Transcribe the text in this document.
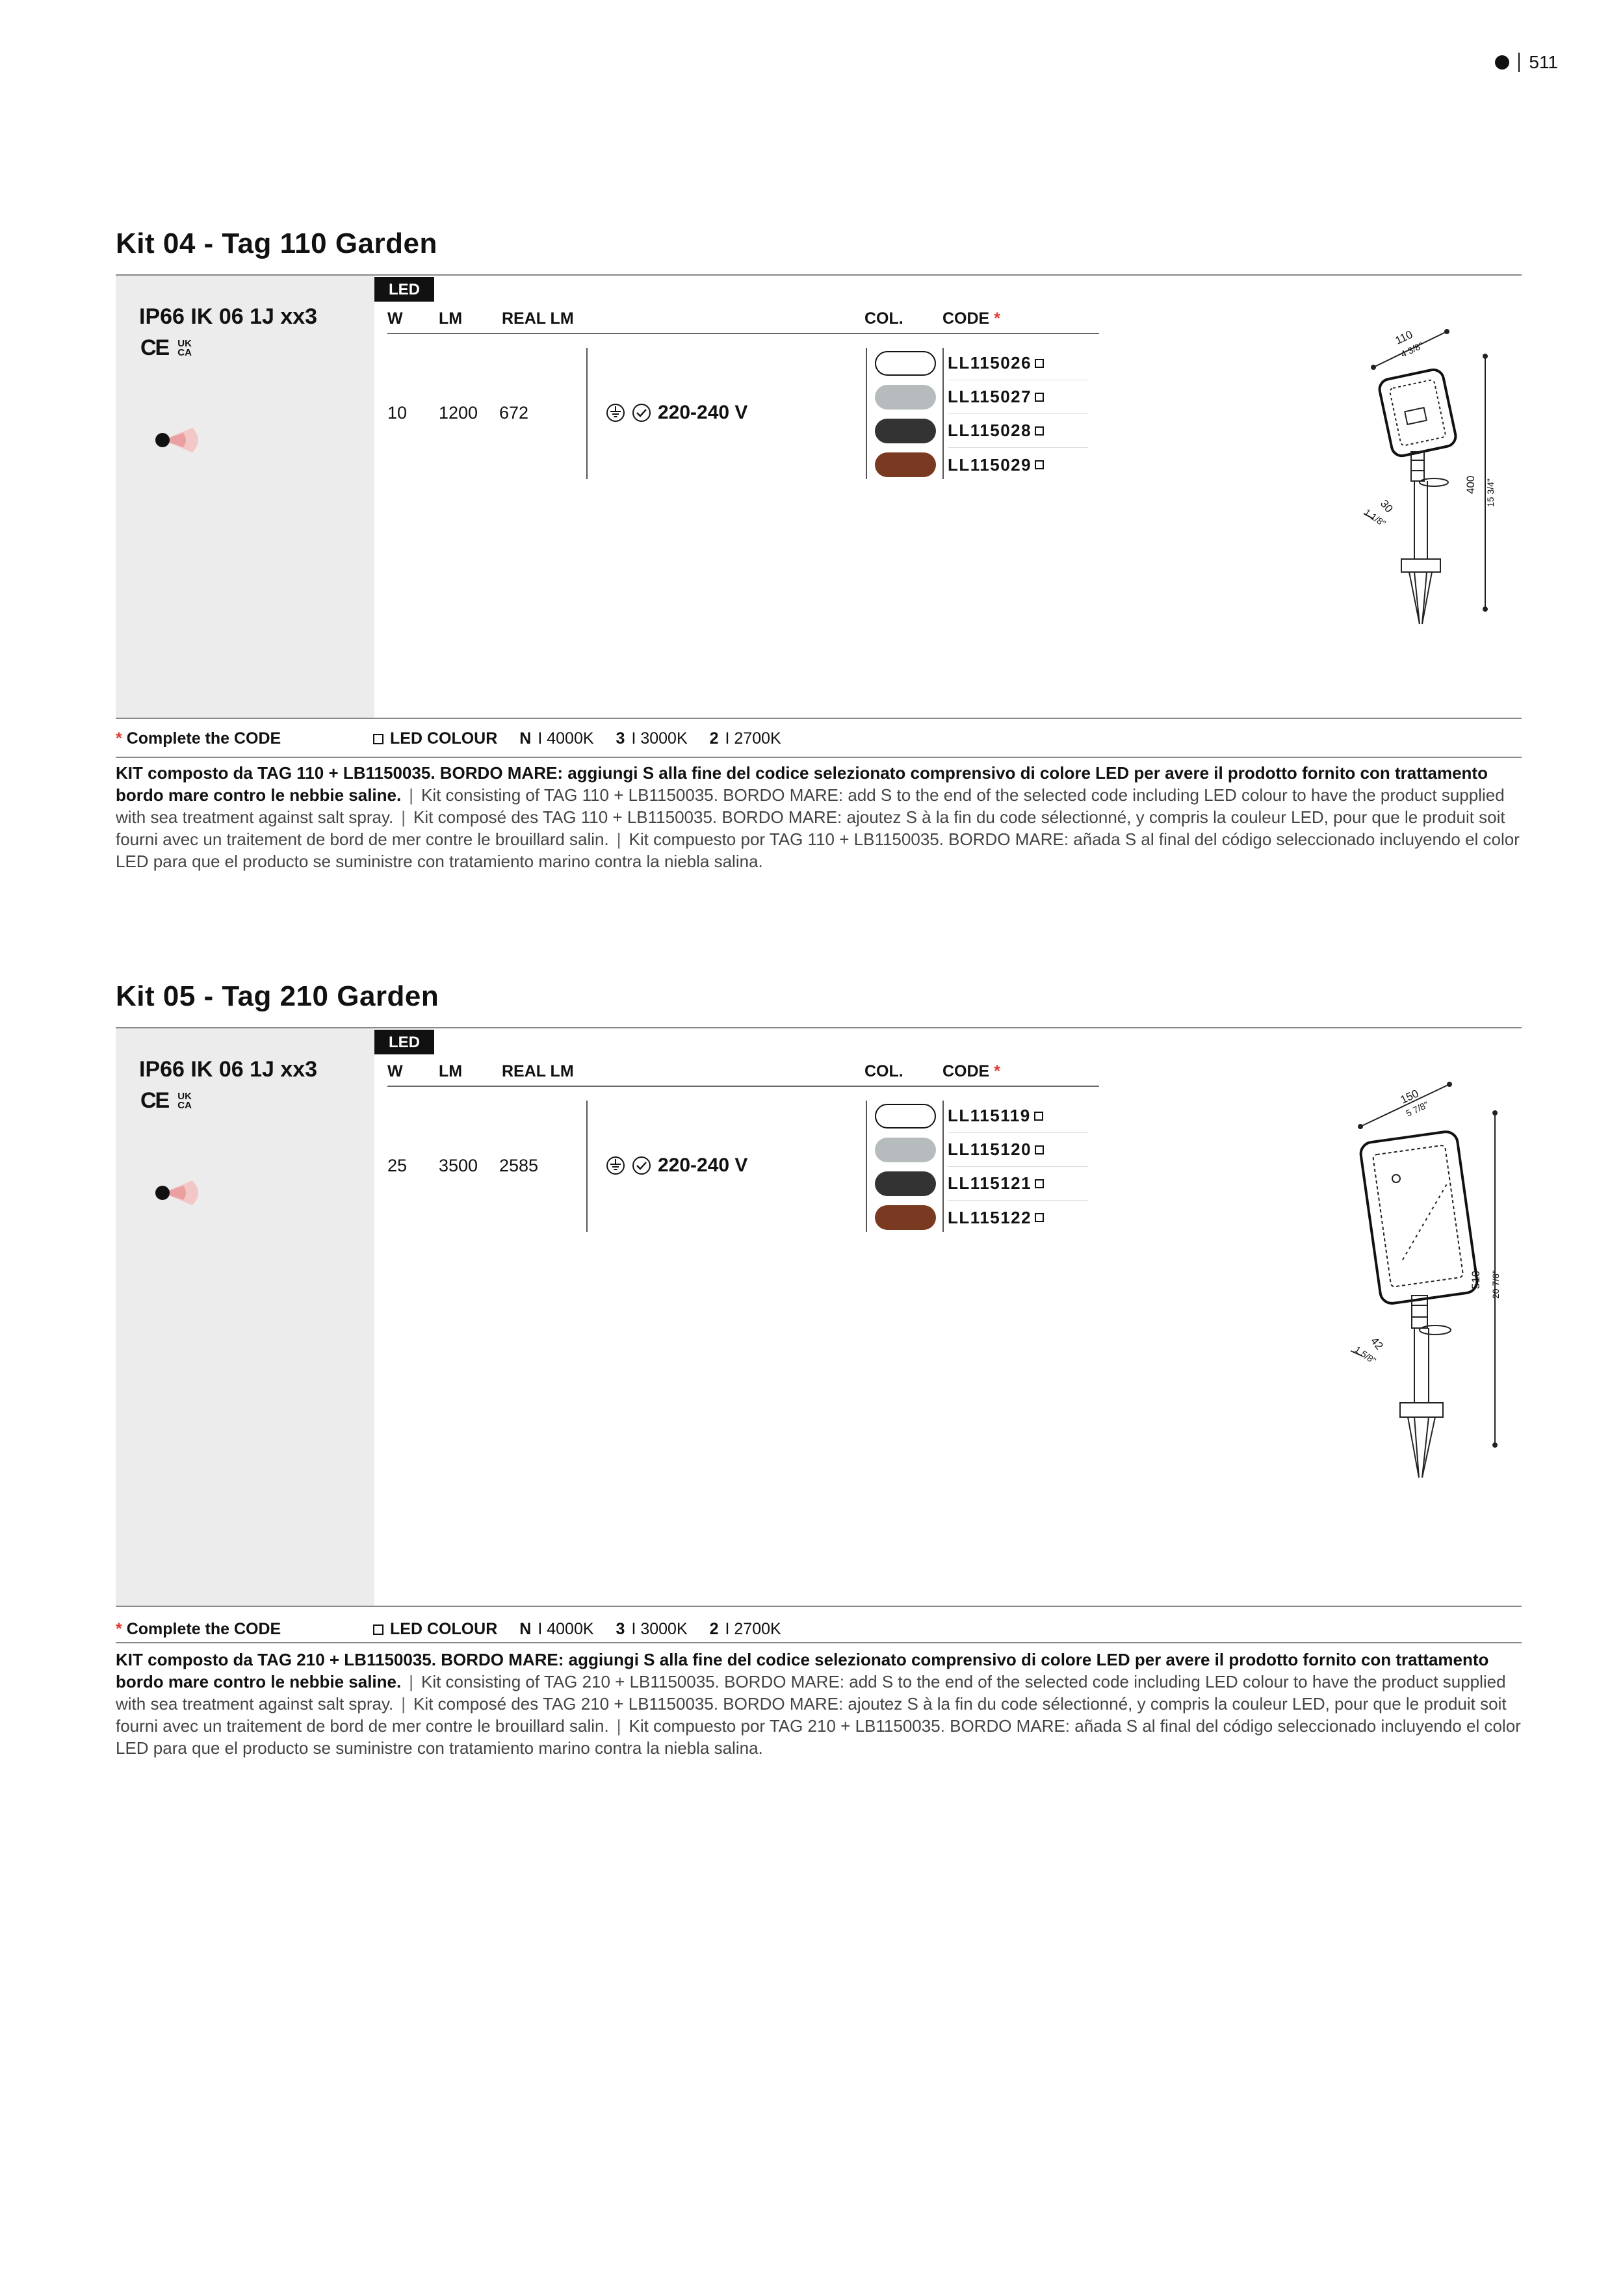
511
Kit 04 - Tag 110 Garden
IP66 IK 06 1J xx3
CE UK CA
LED
W LM REAL LM	COL. CODE *
10 1200 672	220-240 V
LL115026
LL115027
LL115028
LL115029
110
4 3/8"
400 15 3/4"
30
1 1/8"
* Complete the CODE	LED COLOUR N I 4000K 3 I 3000K 2 I 2700K

KIT composto da TAG 110 + LB1150035. BORDO MARE: aggiungi S alla fine del codice selezionato comprensivo di colore LED per avere il prodotto fornito con trattamento bordo mare contro le nebbie saline. | Kit consisting of TAG 110 + LB1150035. BORDO MARE: add S to the end of the selected code including LED colour to have the product supplied with sea treatment against salt spray. | Kit composé des TAG 110 + LB1150035. BORDO MARE: ajoutez S à la fin du code sélectionné, y compris la couleur LED, pour que le produit soit fourni avec un traitement de bord de mer contre le brouillard salin. | Kit compuesto por TAG 110 + LB1150035. BORDO MARE: añada S al final del código seleccionado incluyendo el color LED para que el producto se suministre con tratamiento marino contra la niebla salina.

Kit 05 - Tag 210 Garden
IP66 IK 06 1J xx3
CE UK CA
LED
W LM REAL LM	COL. CODE *
25 3500 2585	220-240 V
LL115119
LL115120
LL115121
LL115122
150
5 7/8"
510 20 7/8"
42
1 5/8"
* Complete the CODE	LED COLOUR N I 4000K 3 I 3000K 2 I 2700K

KIT composto da TAG 210 + LB1150035. BORDO MARE: aggiungi S alla fine del codice selezionato comprensivo di colore LED per avere il prodotto fornito con trattamento bordo mare contro le nebbie saline. | Kit consisting of TAG 210 + LB1150035. BORDO MARE: add S to the end of the selected code including LED colour to have the product supplied with sea treatment against salt spray. | Kit composé des TAG 210 + LB1150035. BORDO MARE: ajoutez S à la fin du code sélectionné, y compris la couleur LED, pour que le produit soit fourni avec un traitement de bord de mer contre le brouillard salin. | Kit compuesto por TAG 210 + LB1150035. BORDO MARE: añada S al final del código seleccionado incluyendo el color LED para que el producto se suministre con tratamiento marino contra la niebla salina.
